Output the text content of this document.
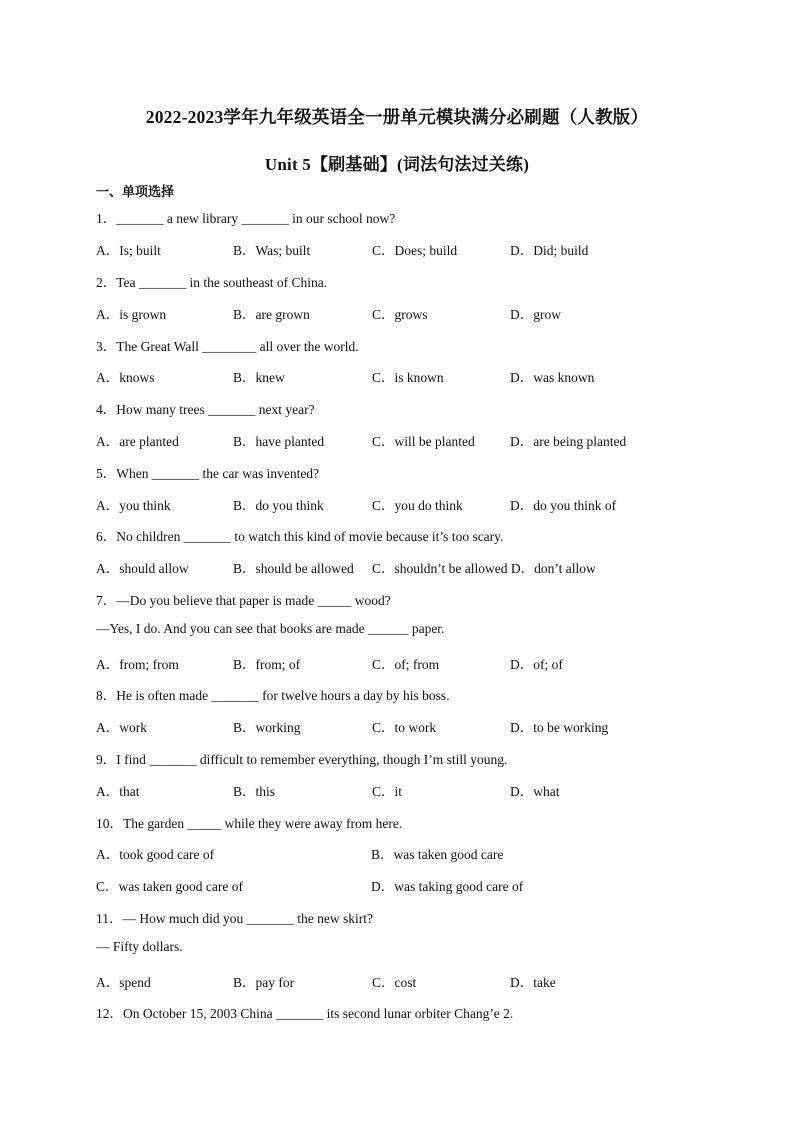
2022-2023学年九年级英语全一册单元模块满分必刷题（人教版）
Unit 5【刷基础】(词法句法过关练)
一、单项选择
1．_______ a new library _______ in our school now?
A．Is; built	B．Was; built	C．Does; build	D．Did; build
2．Tea _______ in the southeast of China.
A．is grown	B．are grown	C．grows	D．grow
3．The Great Wall ________ all over the world.
A．knows	B．knew	C．is known	D．was known
4．How many trees _______ next year?
A．are planted	B．have planted	C．will be planted	D．are being planted
5．When _______ the car was invented?
A．you think	B．do you think	C．you do think	D．do you think of
6．No children _______ to watch this kind of movie because it’s too scary.
A．should allow	B．should be allowed C．shouldn’t be allowed D．don’t allow
7．—Do you believe that paper is made _____ wood?
—Yes, I do. And you can see that books are made ______ paper.
A．from; from	B．from; of	C．of; from	D．of; of
8．He is often made _______ for twelve hours a day by his boss.
A．work	B．working	C．to work	D．to be working
9．I find _______ difficult to remember everything, though I’m still young.
A．that	B．this	C．it	D．what
10．The garden _____ while they were away from here.
A．took good care of	B．was taken good care
C．was taken good care of	D．was taking good care of
11．— How much did you _______ the new skirt?
— Fifty dollars.
A．spend	B．pay for	C．cost	D．take
12．On October 15, 2003 China _______ its second lunar orbiter Chang’e 2.
